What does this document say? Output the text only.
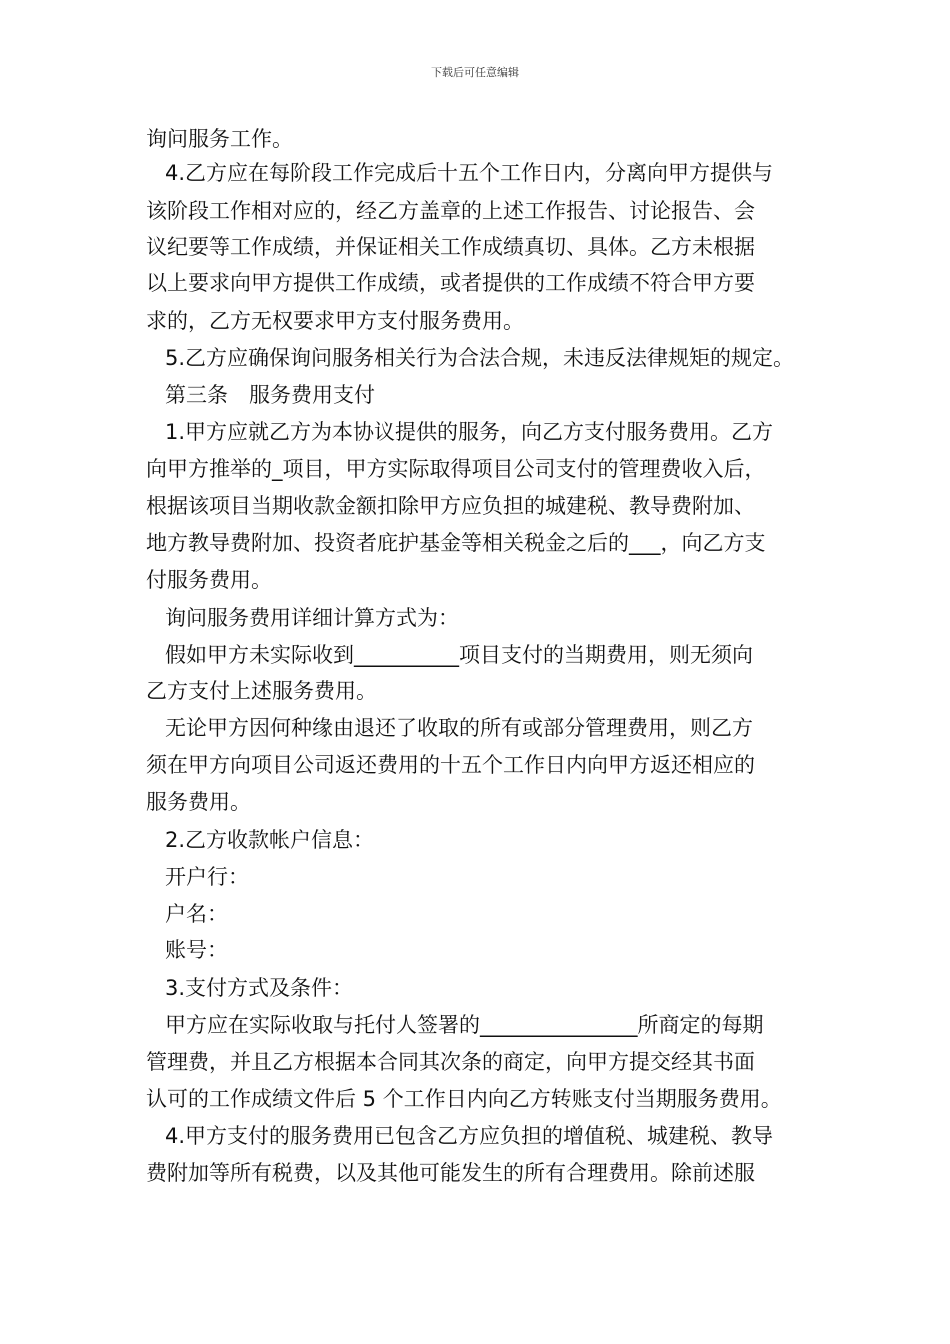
下载后可任意编辑
询问服务工作。
4.乙方应在每阶段工作完成后十五个工作日内，分离向甲方提供与
该阶段工作相对应的，经乙方盖章的上述工作报告、讨论报告、会
议纪要等工作成绩，并保证相关工作成绩真切、具体。乙方未根据
以上要求向甲方提供工作成绩，或者提供的工作成绩不符合甲方要
求的，乙方无权要求甲方支付服务费用。
5.乙方应确保询问服务相关行为合法合规，未违反法律规矩的规定。
第三条　服务费用支付
1.甲方应就乙方为本协议提供的服务，向乙方支付服务费用。乙方
向甲方推举的_项目，甲方实际取得项目公司支付的管理费收入后，
根据该项目当期收款金额扣除甲方应负担的城建税、教导费附加、
地方教导费附加、投资者庇护基金等相关税金之后的___，向乙方支
付服务费用。
询问服务费用详细计算方式为：
假如甲方未实际收到__________项目支付的当期费用，则无须向
乙方支付上述服务费用。
无论甲方因何种缘由退还了收取的所有或部分管理费用，则乙方
须在甲方向项目公司返还费用的十五个工作日内向甲方返还相应的
服务费用。
2.乙方收款帐户信息：
开户行：
户名：
账号：
3.支付方式及条件：
甲方应在实际收取与托付人签署的_______________所商定的每期
管理费，并且乙方根据本合同其次条的商定，向甲方提交经其书面
认可的工作成绩文件后 5 个工作日内向乙方转账支付当期服务费用。
4.甲方支付的服务费用已包含乙方应负担的增值税、城建税、教导
费附加等所有税费，以及其他可能发生的所有合理费用。除前述服
